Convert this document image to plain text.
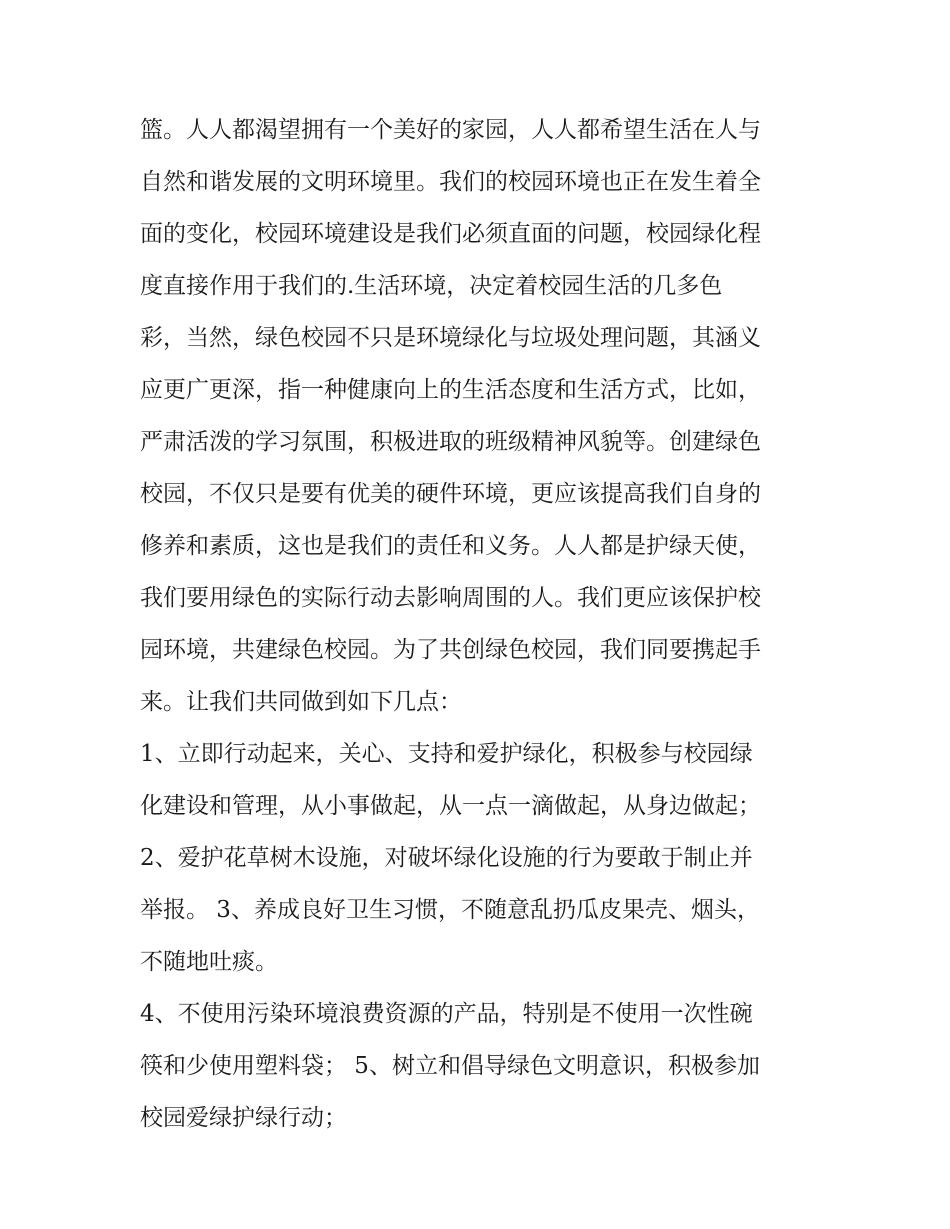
篮。人人都渴望拥有一个美好的家园，人人都希望生活在人与
自然和谐发展的文明环境里。我们的校园环境也正在发生着全
面的变化，校园环境建设是我们必须直面的问题，校园绿化程
度直接作用于我们的.生活环境，决定着校园生活的几多色
彩，当然，绿色校园不只是环境绿化与垃圾处理问题，其涵义
应更广更深，指一种健康向上的生活态度和生活方式，比如，
严肃活泼的学习氛围，积极进取的班级精神风貌等。创建绿色
校园，不仅只是要有优美的硬件环境，更应该提高我们自身的
修养和素质，这也是我们的责任和义务。人人都是护绿天使，
我们要用绿色的实际行动去影响周围的人。我们更应该保护校
园环境，共建绿色校园。为了共创绿色校园，我们同要携起手
来。让我们共同做到如下几点：
1、立即行动起来，关心、支持和爱护绿化，积极参与校园绿
化建设和管理，从小事做起，从一点一滴做起，从身边做起；
2、爱护花草树木设施，对破坏绿化设施的行为要敢于制止并
举报。 3、养成良好卫生习惯，不随意乱扔瓜皮果壳、烟头，
不随地吐痰。
4、不使用污染环境浪费资源的产品，特别是不使用一次性碗
筷和少使用塑料袋； 5、树立和倡导绿色文明意识，积极参加
校园爱绿护绿行动；
